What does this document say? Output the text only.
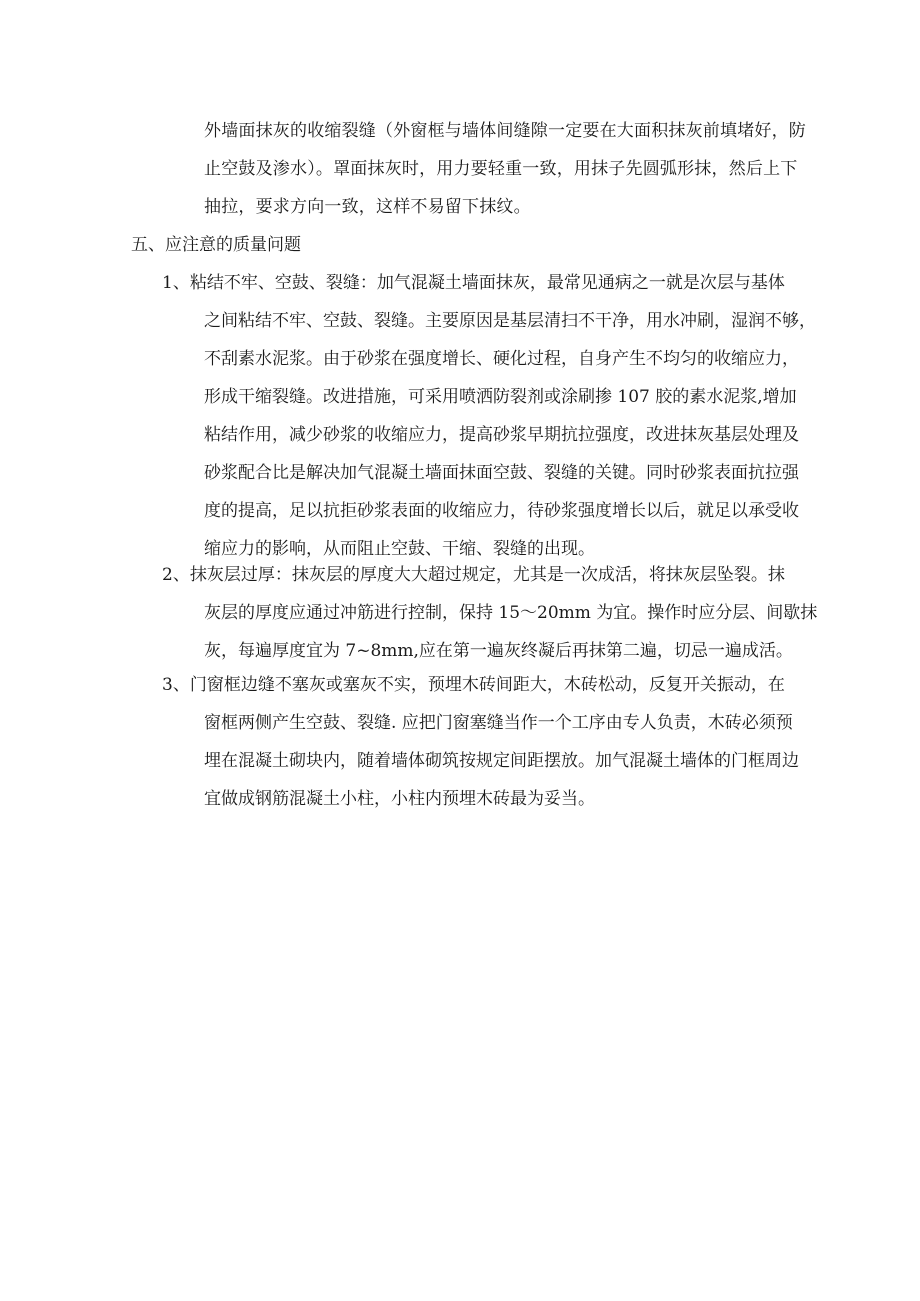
外墙面抹灰的收缩裂缝（外窗框与墙体间缝隙一定要在大面积抹灰前填堵好，防
止空鼓及渗水）。罩面抹灰时，用力要轻重一致，用抹子先圆弧形抹，然后上下
抽拉，要求方向一致，这样不易留下抹纹。
五、应注意的质量问题
1、粘结不牢、空鼓、裂缝：加气混凝土墙面抹灰，最常见通病之一就是次层与基体
之间粘结不牢、空鼓、裂缝。主要原因是基层清扫不干净，用水冲刷，湿润不够，
不刮素水泥浆。由于砂浆在强度增长、硬化过程，自身产生不均匀的收缩应力，
形成干缩裂缝。改进措施，可采用喷洒防裂剂或涂刷掺 107 胶的素水泥浆,增加
粘结作用，减少砂浆的收缩应力，提高砂浆早期抗拉强度，改进抹灰基层处理及
砂浆配合比是解决加气混凝土墙面抹面空鼓、裂缝的关键。同时砂浆表面抗拉强
度的提高，足以抗拒砂浆表面的收缩应力，待砂浆强度增长以后，就足以承受收
缩应力的影响，从而阻止空鼓、干缩、裂缝的出现。
2、抹灰层过厚：抹灰层的厚度大大超过规定，尤其是一次成活，将抹灰层坠裂。抹
灰层的厚度应通过冲筋进行控制，保持 15～20mm 为宜。操作时应分层、间歇抹
灰，每遍厚度宜为 7~8mm,应在第一遍灰终凝后再抹第二遍，切忌一遍成活。
3、门窗框边缝不塞灰或塞灰不实，预埋木砖间距大，木砖松动，反复开关振动，在
窗框两侧产生空鼓、裂缝. 应把门窗塞缝当作一个工序由专人负责，木砖必须预
埋在混凝土砌块内，随着墙体砌筑按规定间距摆放。加气混凝土墙体的门框周边
宜做成钢筋混凝土小柱，小柱内预埋木砖最为妥当。
